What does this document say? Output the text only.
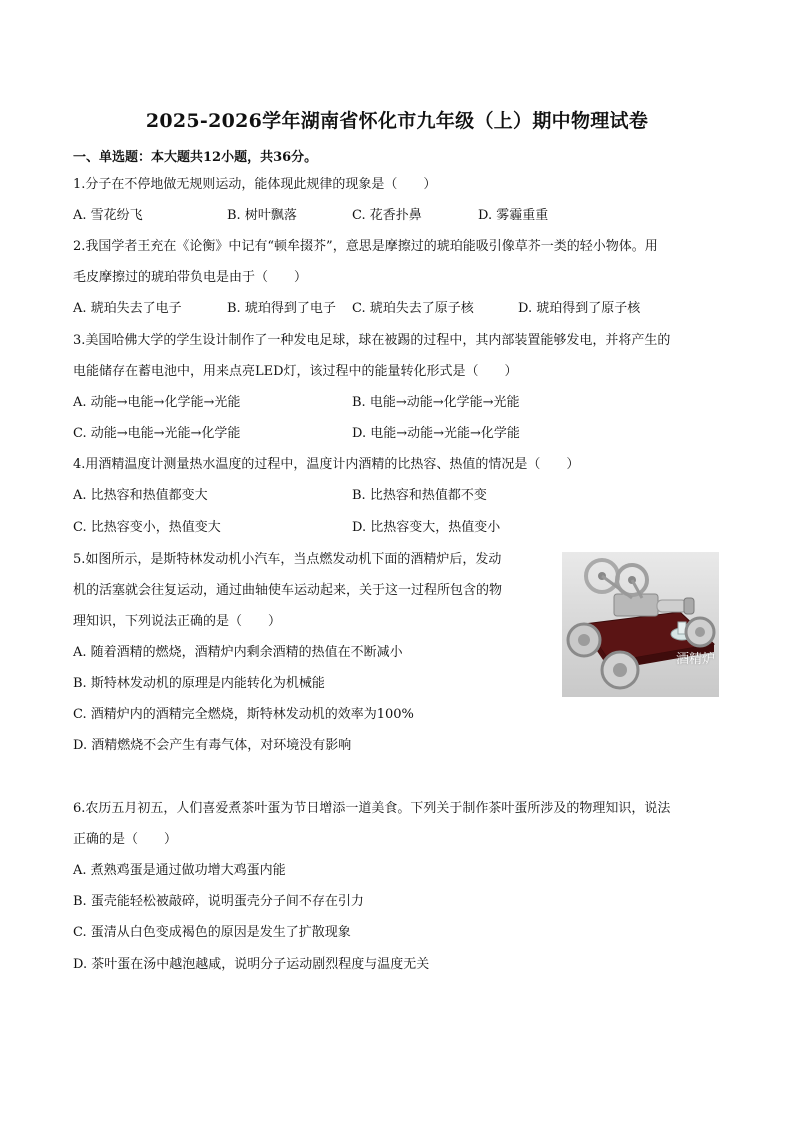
2025-2026学年湖南省怀化市九年级（上）期中物理试卷
一、单选题：本大题共12小题，共36分。
1.分子在不停地做无规则运动，能体现此规律的现象是（　　）
A. 雪花纷飞	B. 树叶飘落	C. 花香扑鼻	D. 雾霾重重
2.我国学者王充在《论衡》中记有“顿牟掇芥”，意思是摩擦过的琥珀能吸引像草芥一类的轻小物体。用
毛皮摩擦过的琥珀带负电是由于（　　）
A. 琥珀失去了电子	B. 琥珀得到了电子 C. 琥珀失去了原子核	D. 琥珀得到了原子核
3.美国哈佛大学的学生设计制作了一种发电足球，球在被踢的过程中，其内部装置能够发电，并将产生的
电能储存在蓄电池中，用来点亮LED灯，该过程中的能量转化形式是（　　）
A. 动能→电能→化学能→光能	B. 电能→动能→化学能→光能
C. 动能→电能→光能→化学能	D. 电能→动能→光能→化学能
4.用酒精温度计测量热水温度的过程中，温度计内酒精的比热容、热值的情况是（　　）
A. 比热容和热值都变大	B. 比热容和热值都不变
C. 比热容变小，热值变大	D. 比热容变大，热值变小
5.如图所示，是斯特林发动机小汽车，当点燃发动机下面的酒精炉后，发动
机的活塞就会往复运动，通过曲轴使车运动起来，关于这一过程所包含的物
理知识，下列说法正确的是（　　）
A. 随着酒精的燃烧，酒精炉内剩余酒精的热值在不断减小
B. 斯特林发动机的原理是内能转化为机械能
C. 酒精炉内的酒精完全燃烧，斯特林发动机的效率为100%
D. 酒精燃烧不会产生有毒气体，对环境没有影响
酒精炉
6.农历五月初五，人们喜爱煮茶叶蛋为节日增添一道美食。下列关于制作茶叶蛋所涉及的物理知识，说法
正确的是（　　）
A. 煮熟鸡蛋是通过做功增大鸡蛋内能
B. 蛋壳能轻松被敲碎，说明蛋壳分子间不存在引力
C. 蛋清从白色变成褐色的原因是发生了扩散现象
D. 茶叶蛋在汤中越泡越咸，说明分子运动剧烈程度与温度无关
